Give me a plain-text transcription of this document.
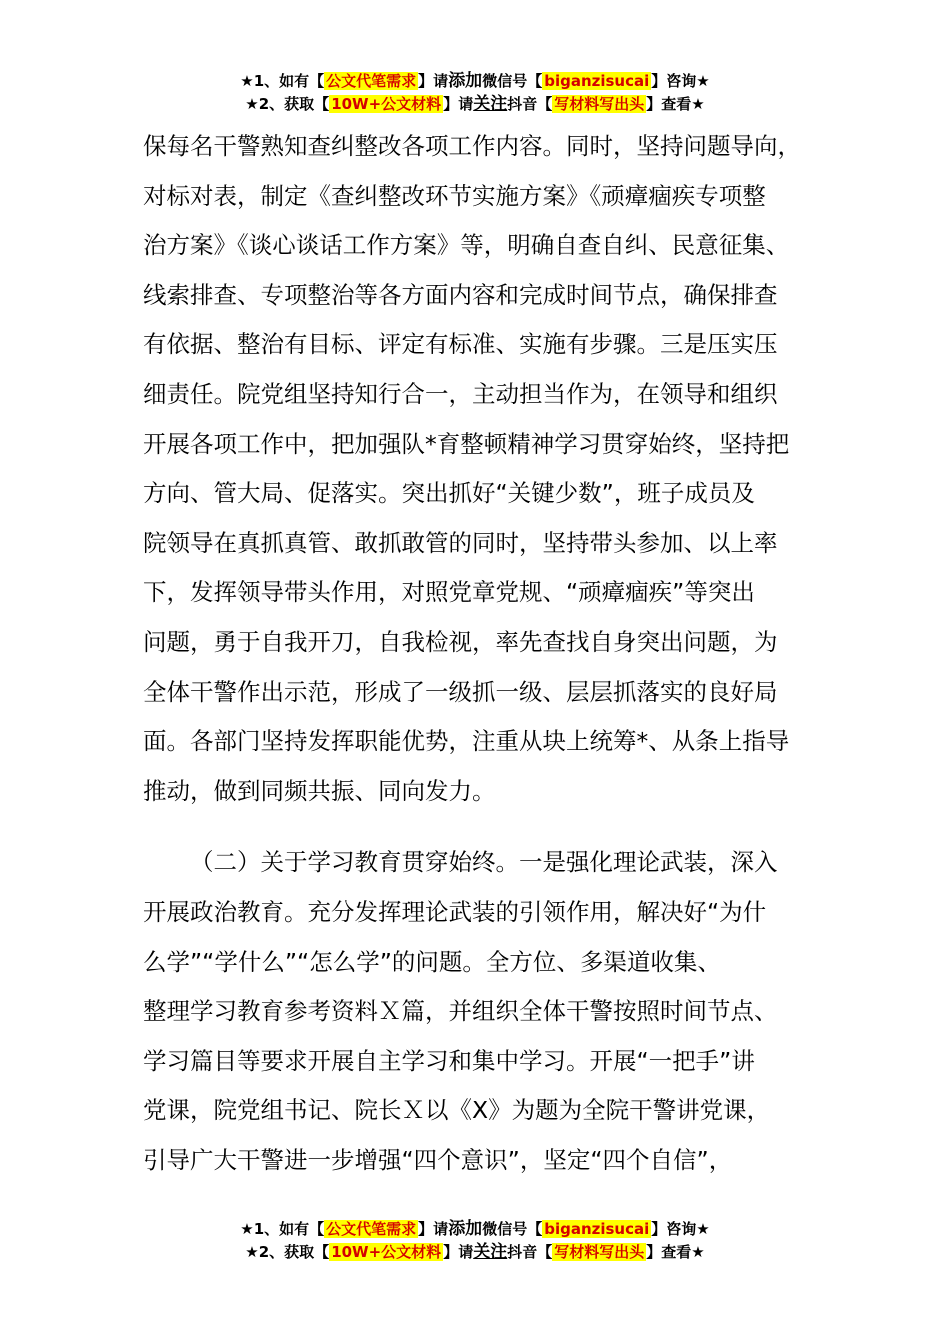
★1、如有【 公文代笔需求 】请添加微信号【 biganzisucai 】咨询★
★2、获取【 10W+公文材料 】请关注抖音【 写材料写出头 】查看★
保每名干警熟知查纠整改各项工作内容。同时，坚持问题导向，
对标对表，制定《查纠整改环节实施方案》《顽瘴痼疾专项整
治方案》《谈心谈话工作方案》等，明确自查自纠、民意征集、
线索排查、专项整治等各方面内容和完成时间节点，确保排查
有依据、整治有目标、评定有标准、实施有步骤。三是压实压
细责任。院党组坚持知行合一，主动担当作为，在领导和组织
开展各项工作中，把加强队*育整顿精神学习贯穿始终，坚持把
方向、管大局、促落实。突出抓好“关键少数”，班子成员及
院领导在真抓真管、敢抓敢管的同时，坚持带头参加、以上率
下，发挥领导带头作用，对照党章党规、“顽瘴痼疾”等突出
问题，勇于自我开刀，自我检视，率先查找自身突出问题，为
全体干警作出示范，形成了一级抓一级、层层抓落实的良好局
面。各部门坚持发挥职能优势，注重从块上统筹*、从条上指导
推动，做到同频共振、同向发力。
（二）关于学习教育贯穿始终。一是强化理论武装，深入
开展政治教育。充分发挥理论武装的引领作用，解决好“为什
么学”“学什么”“怎么学”的问题。全方位、多渠道收集、
整理学习教育参考资料Ｘ篇，并组织全体干警按照时间节点、
学习篇目等要求开展自主学习和集中学习。开展“一把手”讲
党课，院党组书记、院长Ｘ以《X》为题为全院干警讲党课，
引导广大干警进一步增强“四个意识”，坚定“四个自信”，
★1、如有【 公文代笔需求 】请添加微信号【 biganzisucai 】咨询★
★2、获取【 10W+公文材料 】请关注抖音【 写材料写出头 】查看★
